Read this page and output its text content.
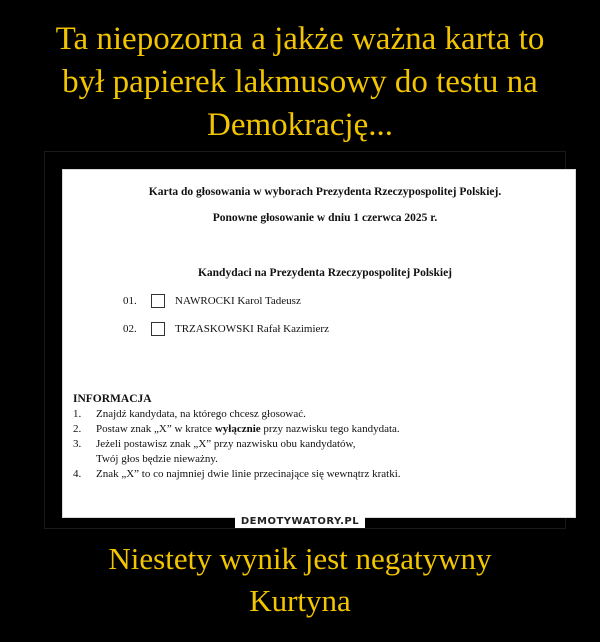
Ta niepozorna a jakże ważna karta to
był papierek lakmusowy do testu na
Demokrację...
Karta do głosowania w wyborach Prezydenta Rzeczypospolitej Polskiej.
Ponowne głosowanie w dniu 1 czerwca 2025 r.
Kandydaci na Prezydenta Rzeczypospolitej Polskiej
01.	NAWROCKI Karol Tadeusz
02.	TRZASKOWSKI Rafał Kazimierz
INFORMACJA
1.	Znajdź kandydata, na którego chcesz głosować.
2.	Postaw znak „X” w kratce wyłącznie przy nazwisku tego kandydata.
3.	Jeżeli postawisz znak „X” przy nazwisku obu kandydatów,
Twój głos będzie nieważny.
4.	Znak „X” to co najmniej dwie linie przecinające się wewnątrz kratki.
DEMOTYWATORY.PL
Niestety wynik jest negatywny
Kurtyna
